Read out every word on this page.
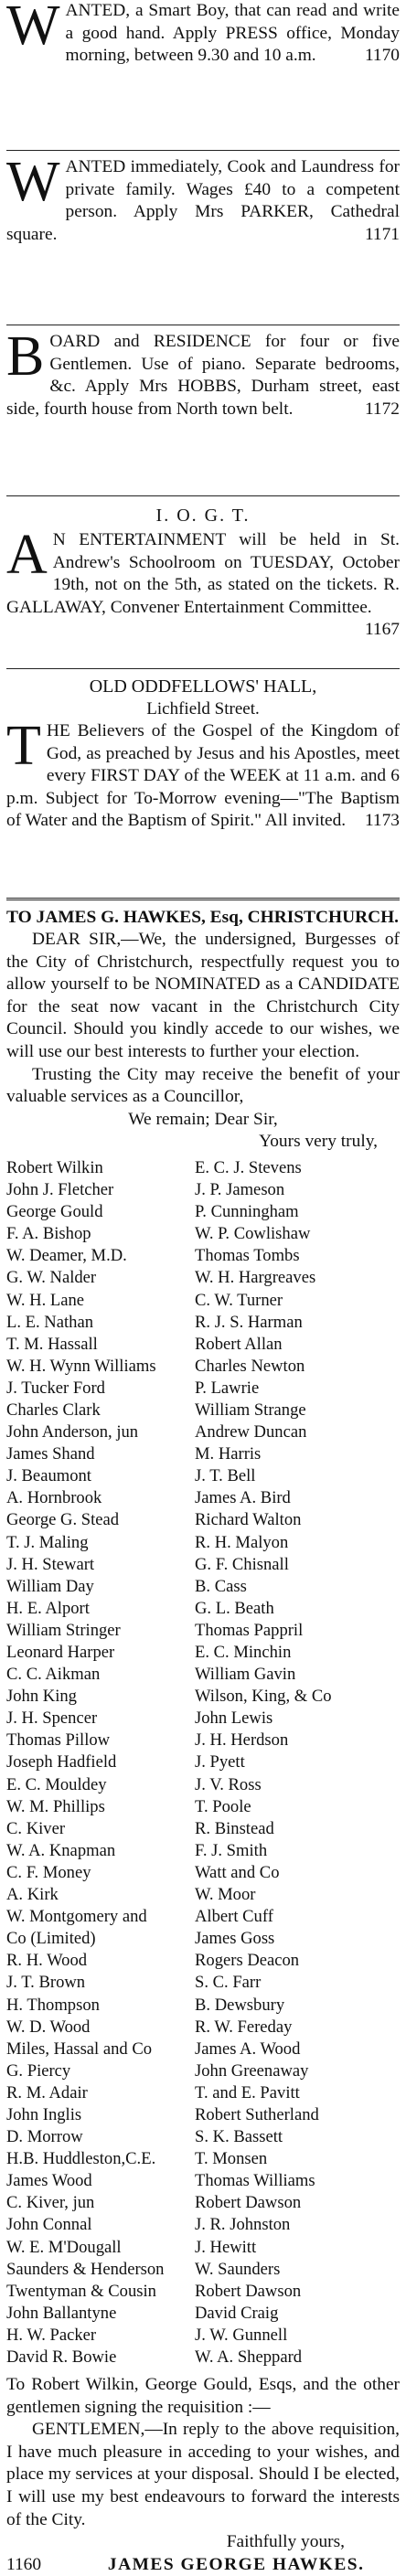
WANTED, a Smart Boy, that can read and write a good hand. Apply PRESS office, Monday morning, between 9.30 and 10 a.m.	1170

WANTED immediately, Cook and Laundress for private family. Wages £40 to a competent person. Apply Mrs PARKER, Cathedral square.	1171

BOARD and RESIDENCE for four or five Gentlemen. Use of piano. Separate bedrooms, &c. Apply Mrs HOBBS, Durham street, east side, fourth house from North town belt.	1172

I. O. G. T.

A N ENTERTAINMENT will be held in St. Andrew's Schoolroom on TUESDAY, October 19th, not on the 5th, as stated on the tickets. R. GALLAWAY, Convener Entertainment Committee.
1167

OLD ODDFELLOWS' HALL,
Lichfield Street.

THE Believers of the Gospel of the Kingdom of God, as preached by Jesus and his Apostles, meet every FIRST DAY of the WEEK at 11 a.m. and 6 p.m. Subject for To-Morrow evening—"The Baptism of Water and the Baptism of Spirit." All invited. 1173

TO JAMES G. HAWKES, Esq, CHRISTCHURCH.

DEAR SIR,—We, the undersigned, Burgesses of the City of Christchurch, respectfully request you to allow yourself to be NOMINATED as a CANDIDATE for the seat now vacant in the Christchurch City Council. Should you kindly accede to our wishes, we will use our best interests to further your election.

Trusting the City may receive the benefit of your valuable services as a Councillor,

We remain; Dear Sir,

Yours very truly,

Robert Wilkin	E. C. J. Stevens
John J. Fletcher	J. P. Jameson
George Gould	P. Cunningham
F. A. Bishop	W. P. Cowlishaw
W. Deamer, M.D.	Thomas Tombs
G. W. Nalder	W. H. Hargreaves
W. H. Lane	C. W. Turner
L. E. Nathan	R. J. S. Harman
T. M. Hassall	Robert Allan
W. H. Wynn Williams	Charles Newton
J. Tucker Ford	P. Lawrie
Charles Clark	William Strange
John Anderson, jun	Andrew Duncan
James Shand	M. Harris
J. Beaumont	J. T. Bell
A. Hornbrook	James A. Bird
George G. Stead	Richard Walton
T. J. Maling	R. H. Malyon
J. H. Stewart	G. F. Chisnall
William Day	B. Cass
H. E. Alport	G. L. Beath
William Stringer	Thomas Pappril
Leonard Harper	E. C. Minchin
C. C. Aikman	William Gavin
John King	Wilson, King, & Co
J. H. Spencer	John Lewis
Thomas Pillow	J. H. Herdson
Joseph Hadfield	J. Pyett
E. C. Mouldey	J. V. Ross
W. M. Phillips	T. Poole
C. Kiver	R. Binstead
W. A. Knapman	F. J. Smith
C. F. Money	Watt and Co
A. Kirk	W. Moor
W. Montgomery and	Albert Cuff
Co (Limited)	James Goss
R. H. Wood	Rogers Deacon
J. T. Brown	S. C. Farr
H. Thompson	B. Dewsbury
W. D. Wood	R. W. Fereday
Miles, Hassal and Co	James A. Wood
G. Piercy	John Greenaway
R. M. Adair	T. and E. Pavitt
John Inglis	Robert Sutherland
D. Morrow	S. K. Bassett
H.B. Huddleston,C.E.	T. Monsen
James Wood	Thomas Williams
C. Kiver, jun	Robert Dawson
John Connal	J. R. Johnston
W. E. M'Dougall	J. Hewitt
Saunders & Henderson	W. Saunders
Twentyman & Cousin	Robert Dawson
John Ballantyne	David Craig
H. W. Packer	J. W. Gunnell
David R. Bowie	W. A. Sheppard

To Robert Wilkin, George Gould, Esqs, and the other gentlemen signing the requisition :—

GENTLEMEN,—In reply to the above requisition, I have much pleasure in acceding to your wishes, and place my services at your disposal. Should I be elected, I will use my best endeavours to forward the interests of the City.

Faithfully yours,

1160	JAMES GEORGE HAWKES.
